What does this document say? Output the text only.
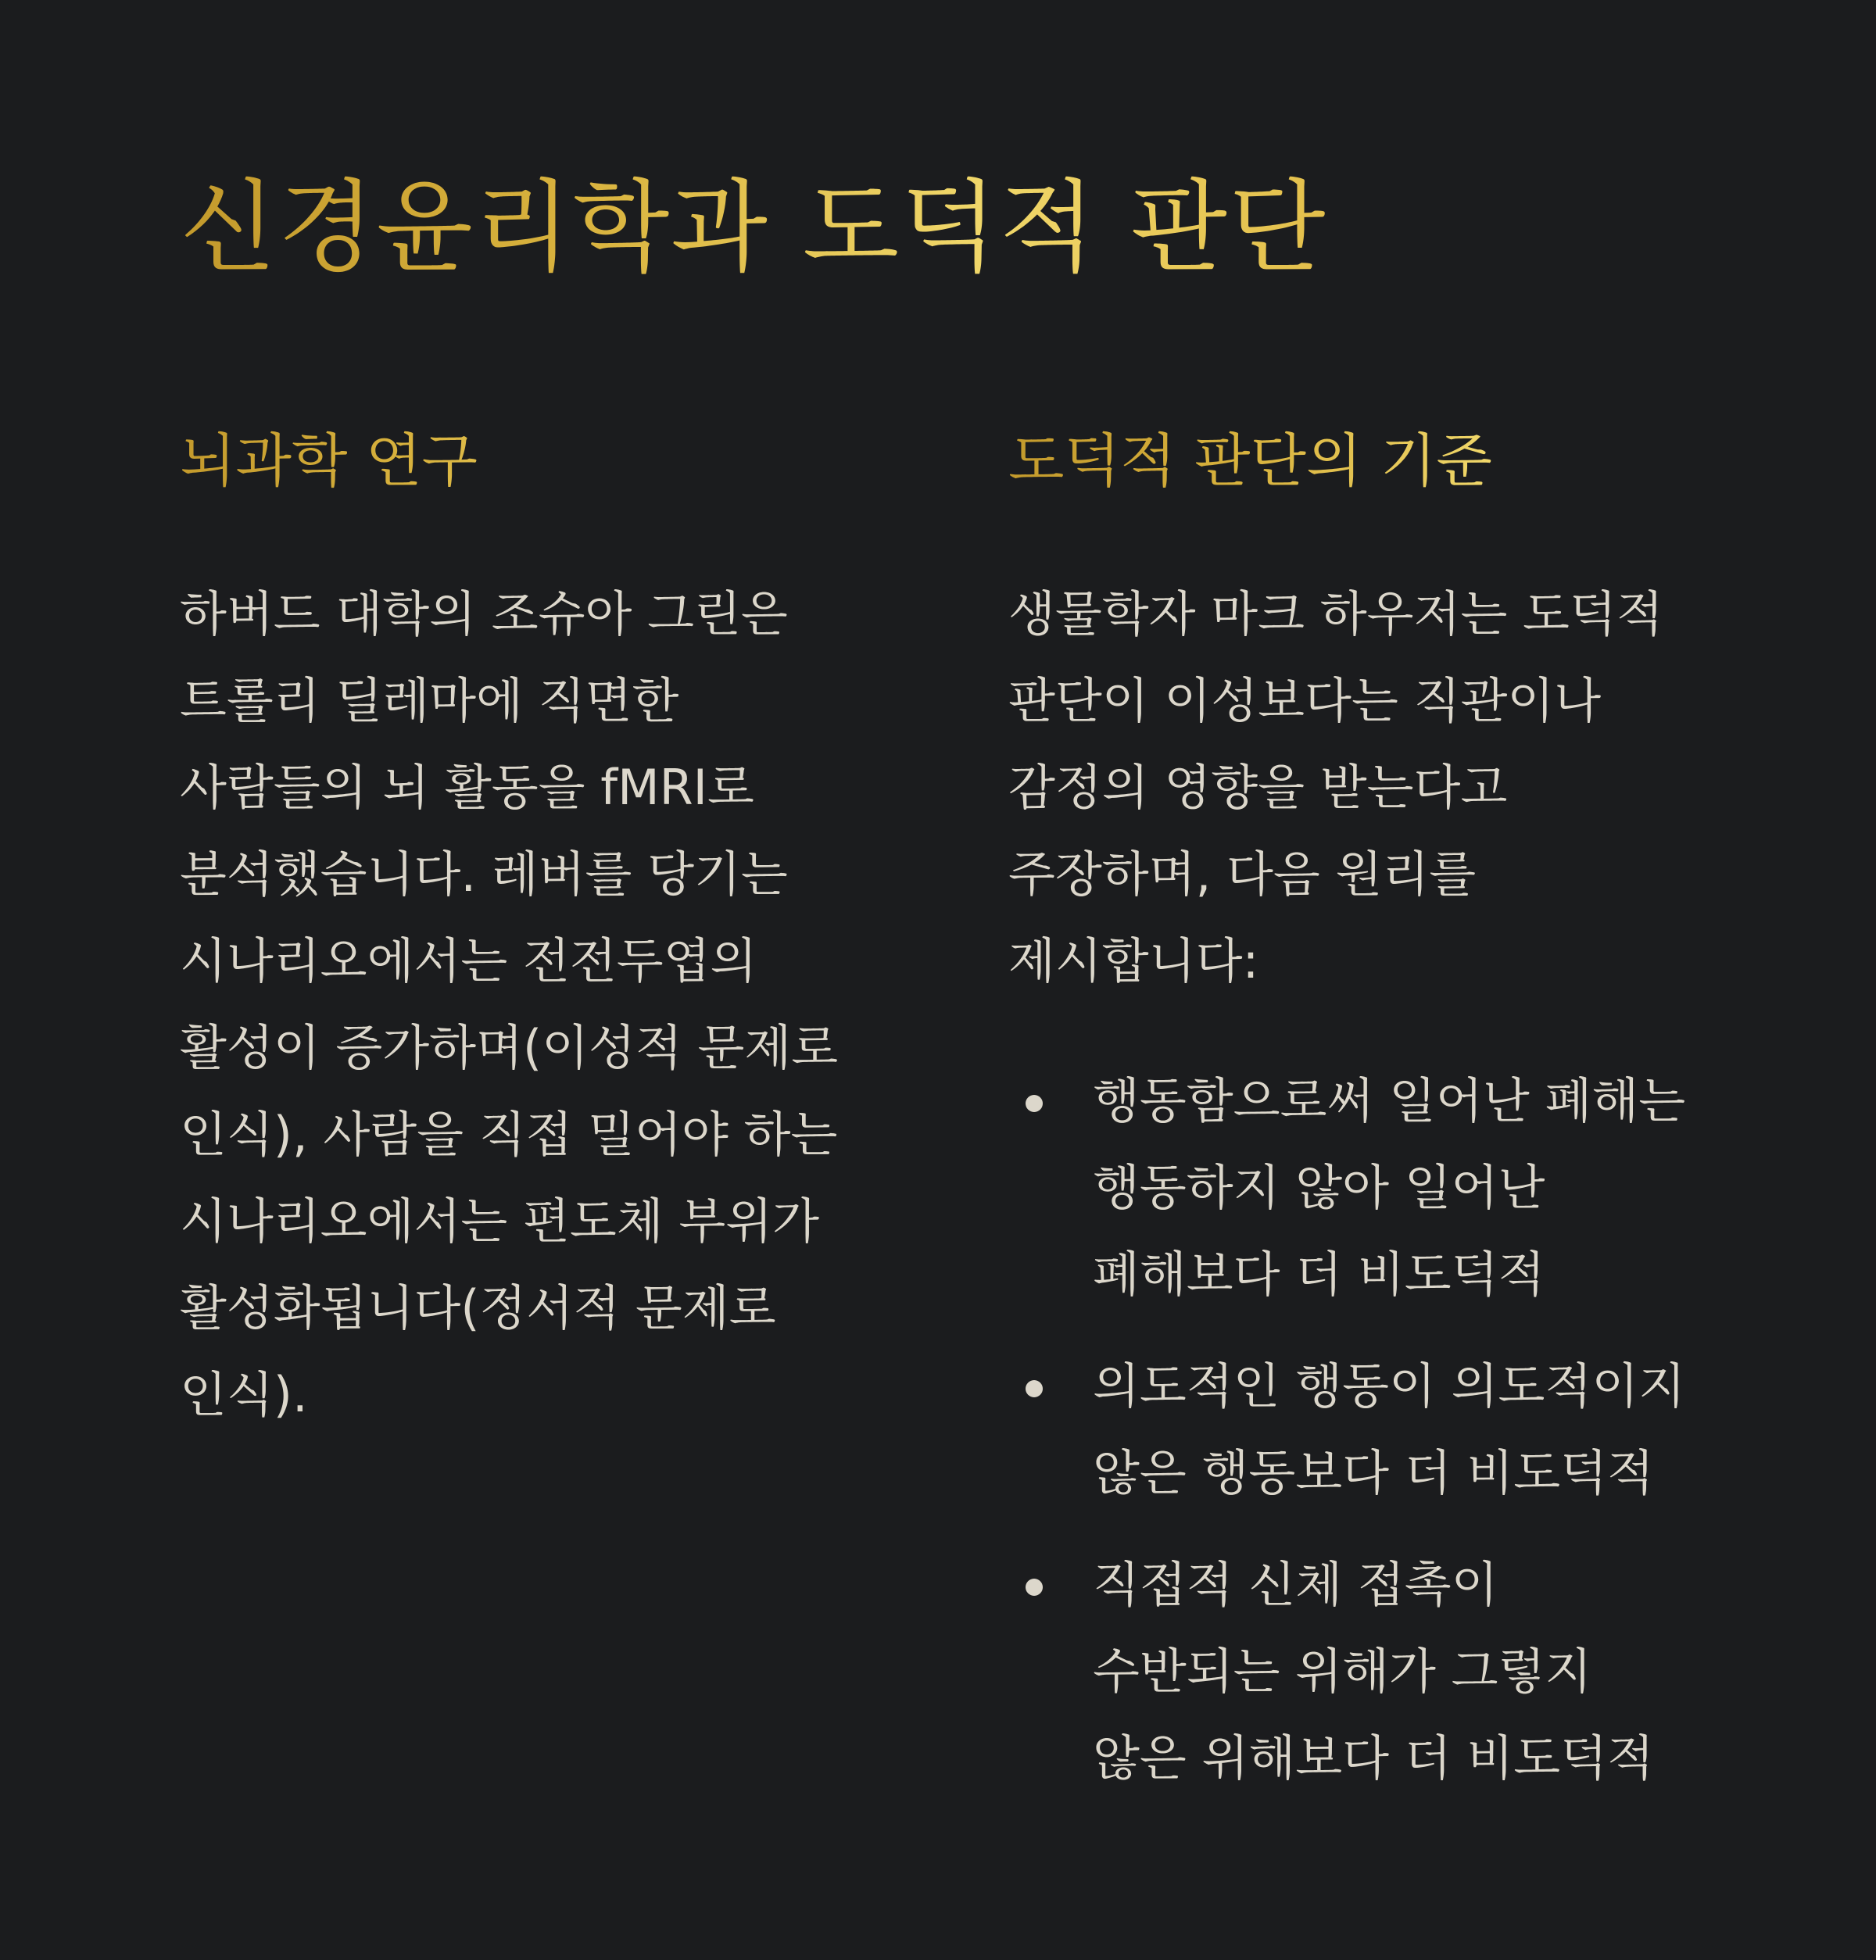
신경윤리학과 도덕적 판단
뇌과학 연구

하버드 대학의 조슈아 그린은 트롤리 딜레마에 직면한 사람들의 뇌 활동을 fMRI로 분석했습니다. 레버를 당기는 시나리오에서는 전전두엽의 활성이 증가하며(이성적 문제로 인식), 사람을 직접 밀어야 하는 시나리오에서는 편도체 부위가 활성화됩니다(정서적 문제로 인식).

도덕적 판단의 기준

생물학자 마크 하우저는 도덕적 판단이 이성보다는 직관이나 감정의 영향을 받는다고 주장하며, 다음 원리를 제시합니다:

행동함으로써 일어난 폐해는 행동하지 않아 일어난 폐해보다 더 비도덕적
의도적인 행동이 의도적이지 않은 행동보다 더 비도덕적
직접적 신체 접촉이 수반되는 위해가 그렇지 않은 위해보다 더 비도덕적
